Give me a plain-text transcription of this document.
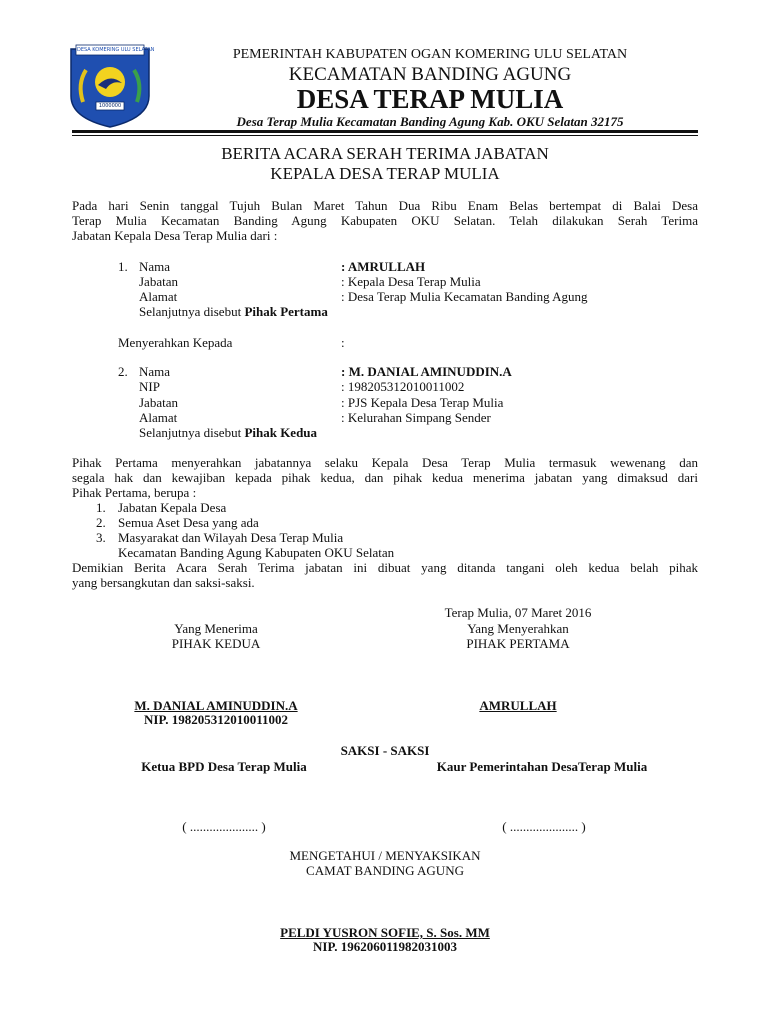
DESA KOMERING ULU SELATAN
1000000
PEMERINTAH KABUPATEN OGAN KOMERING ULU SELATAN
KECAMATAN BANDING AGUNG
DESA TERAP MULIA
Desa Terap Mulia Kecamatan Banding Agung Kab. OKU Selatan 32175
BERITA ACARA SERAH TERIMA JABATAN
KEPALA DESA TERAP MULIA
Pada hari Senin tanggal Tujuh Bulan Maret Tahun Dua Ribu Enam Belas bertempat di Balai Desa
Terap Mulia Kecamatan Banding Agung Kabupaten OKU Selatan. Telah dilakukan Serah Terima
Jabatan Kepala Desa Terap Mulia dari :
1. Nama	: AMRULLAH
Jabatan	: Kepala Desa Terap Mulia
Alamat	: Desa Terap Mulia Kecamatan Banding Agung
Selanjutnya disebut Pihak Pertama
Menyerahkan Kepada	:
2. Nama	: M. DANIAL AMINUDDIN.A
NIP	: 198205312010011002
Jabatan	: PJS Kepala Desa Terap Mulia
Alamat	: Kelurahan Simpang Sender
Selanjutnya disebut Pihak Kedua
Pihak Pertama menyerahkan jabatannya selaku Kepala Desa Terap Mulia termasuk wewenang dan
segala hak dan kewajiban kepada pihak kedua, dan pihak kedua menerima jabatan yang dimaksud dari
Pihak Pertama, berupa :
1. Jabatan Kepala Desa
2. Semua Aset Desa yang ada
3. Masyarakat dan Wilayah Desa Terap Mulia
Kecamatan Banding Agung Kabupaten OKU Selatan
Demikian Berita Acara Serah Terima jabatan ini dibuat yang ditanda tangani oleh kedua belah pihak
yang bersangkutan dan saksi-saksi.
Terap Mulia, 07 Maret 2016
Yang Menerima	Yang Menyerahkan
PIHAK KEDUA	PIHAK PERTAMA
M. DANIAL AMINUDDIN.A	AMRULLAH
NIP. 198205312010011002
SAKSI - SAKSI
Ketua BPD Desa Terap Mulia	Kaur Pemerintahan DesaTerap Mulia
( ..................... )	( ..................... )
MENGETAHUI / MENYAKSIKAN
CAMAT BANDING AGUNG
PELDI YUSRON SOFIE, S. Sos. MM
NIP. 196206011982031003
